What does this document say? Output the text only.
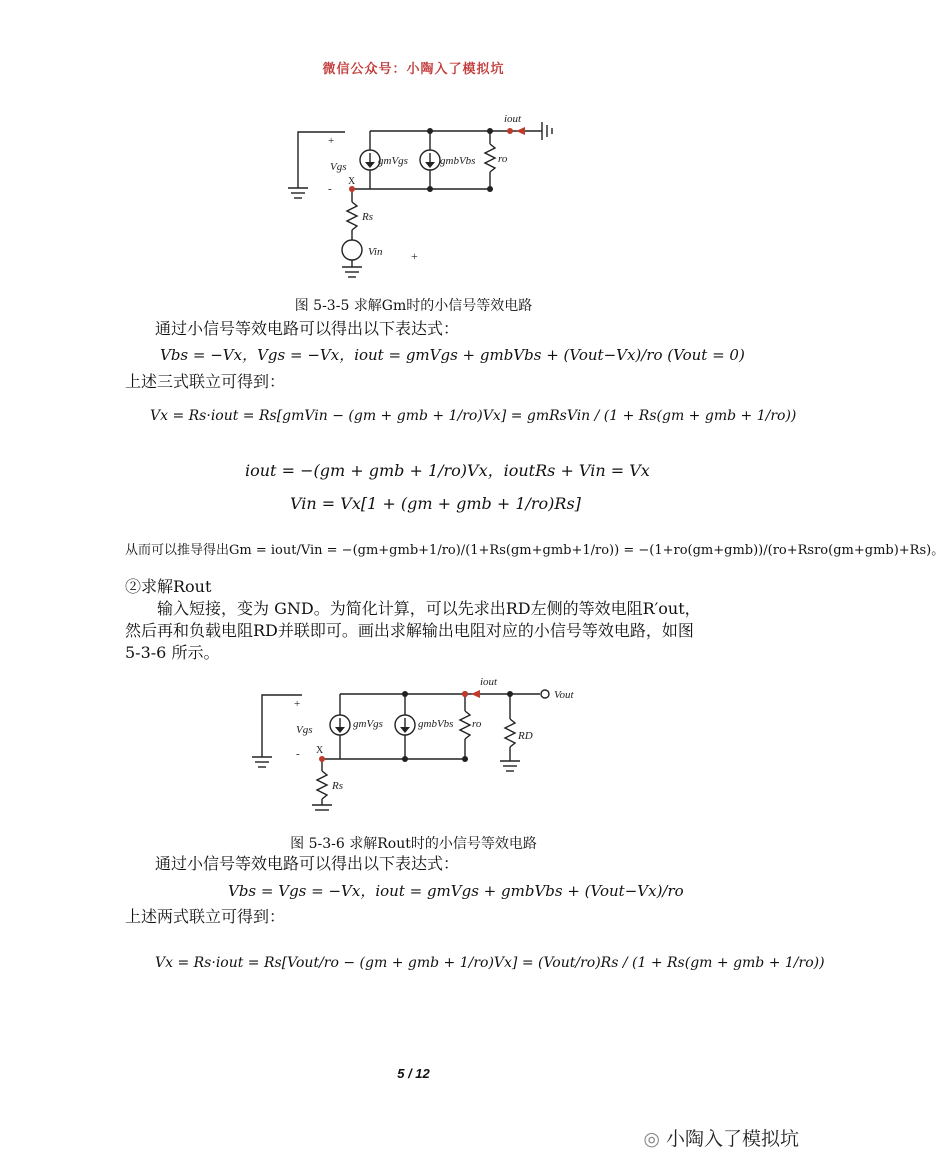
微信公众号：小陶入了模拟坑
+
iout
gmVgs	gmbVbs ro
+
Vgs
-
X
Rs
Vin
图 5-3-5 求解Gm时的小信号等效电路
通过小信号等效电路可以得出以下表达式：
Vbs = −Vx，Vgs = −Vx，iout = gmVgs + gmbVbs + (Vout−Vx)/ro (Vout = 0)
上述三式联立可得到：
Vx = Rs·iout = Rs[gmVin − (gm + gmb + 1/ro)Vx] = gmRsVin / (1 + Rs(gm + gmb + 1/ro))
iout = −(gm + gmb + 1/ro)Vx，ioutRs + Vin = Vx
Vin = Vx[1 + (gm + gmb + 1/ro)Rs]
从而可以推导得出Gm = iout/Vin = −(gm+gmb+1/ro)/(1+Rs(gm+gmb+1/ro)) = −(1+ro(gm+gmb))/(ro+Rsro(gm+gmb)+Rs)。
②求解Rout
输入短接，变为 GND。为简化计算，可以先求出RD左侧的等效电阻R′out，然后再和负载电阻RD并联即可。画出求解输出电阻对应的小信号等效电路，如图 5-3-6 所示。
iout
Vout
gmVgs	gmbVbs ro
RD
+
Vgs
- X
Rs
图 5-3-6 求解Rout时的小信号等效电路
通过小信号等效电路可以得出以下表达式：
Vbs = Vgs = −Vx，iout = gmVgs + gmbVbs + (Vout−Vx)/ro
上述两式联立可得到：
Vx = Rs·iout = Rs[Vout/ro − (gm + gmb + 1/ro)Vx] = (Vout/ro)Rs / (1 + Rs(gm + gmb + 1/ro))
5 / 12
◎ 小陶入了模拟坑
